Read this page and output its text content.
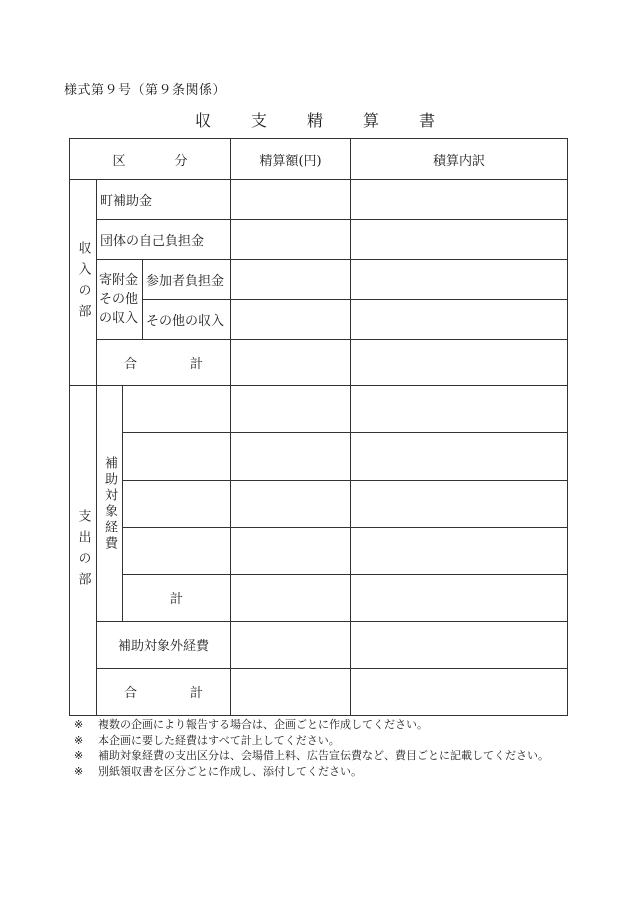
様式第９号（第９条関係）
収　支　精　算　書
区　分				精算額(円)	積算内訳
収入の部	町補助金				
	団体の自己負担金				
	寄附金その他の収入		参加者負担金		
			その他の収入		
	合　計				
支出の部	補助対象経費				

		計			
	補助対象外経費				
	合　計				
※ 複数の企画により報告する場合は、企画ごとに作成してください。
※ 本企画に要した経費はすべて計上してください。
※ 補助対象経費の支出区分は、会場借上料、広告宣伝費など、費目ごとに記載してください。
※ 別紙領収書を区分ごとに作成し、添付してください。
